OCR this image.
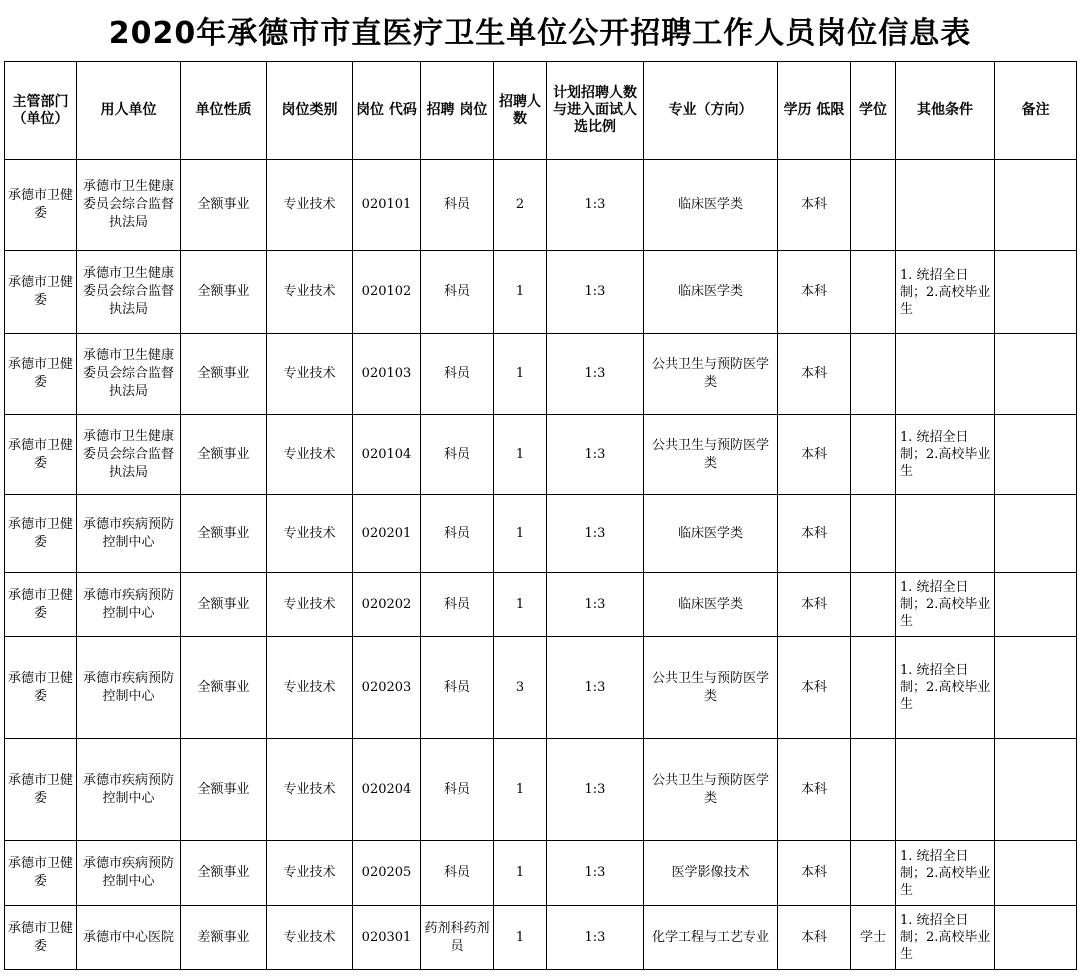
2020年承德市市直医疗卫生单位公开招聘工作人员岗位信息表
主管部门（单位）	用人单位	单位性质	岗位类别	岗位 代码	招聘 岗位	招聘人数	计划招聘人数与进入面试人选比例	专业（方向）	学历 低限	学位	其他条件	备注
承德市卫健委	承德市卫生健康委员会综合监督执法局	全额事业	专业技术	020101	科员	2	1:3	临床医学类	本科			
承德市卫健委	承德市卫生健康委员会综合监督执法局	全额事业	专业技术	020102	科员	1	1:3	临床医学类	本科		1. 统招全日制；2.高校毕业生	
承德市卫健委	承德市卫生健康委员会综合监督执法局	全额事业	专业技术	020103	科员	1	1:3	公共卫生与预防医学类	本科			
承德市卫健委	承德市卫生健康委员会综合监督执法局	全额事业	专业技术	020104	科员	1	1:3	公共卫生与预防医学类	本科		1. 统招全日制；2.高校毕业生	
承德市卫健委	承德市疾病预防控制中心	全额事业	专业技术	020201	科员	1	1:3	临床医学类	本科			
承德市卫健委	承德市疾病预防控制中心	全额事业	专业技术	020202	科员	1	1:3	临床医学类	本科		1. 统招全日制；2.高校毕业生	
承德市卫健委	承德市疾病预防控制中心	全额事业	专业技术	020203	科员	3	1:3	公共卫生与预防医学类	本科		1. 统招全日制；2.高校毕业生	
承德市卫健委	承德市疾病预防控制中心	全额事业	专业技术	020204	科员	1	1:3	公共卫生与预防医学类	本科			
承德市卫健委	承德市疾病预防控制中心	全额事业	专业技术	020205	科员	1	1:3	医学影像技术	本科		1. 统招全日制；2.高校毕业生	
承德市卫健委	承德市中心医院	差额事业	专业技术	020301	药剂科药剂员	1	1:3	化学工程与工艺专业	本科	学士	1. 统招全日制；2.高校毕业生	
